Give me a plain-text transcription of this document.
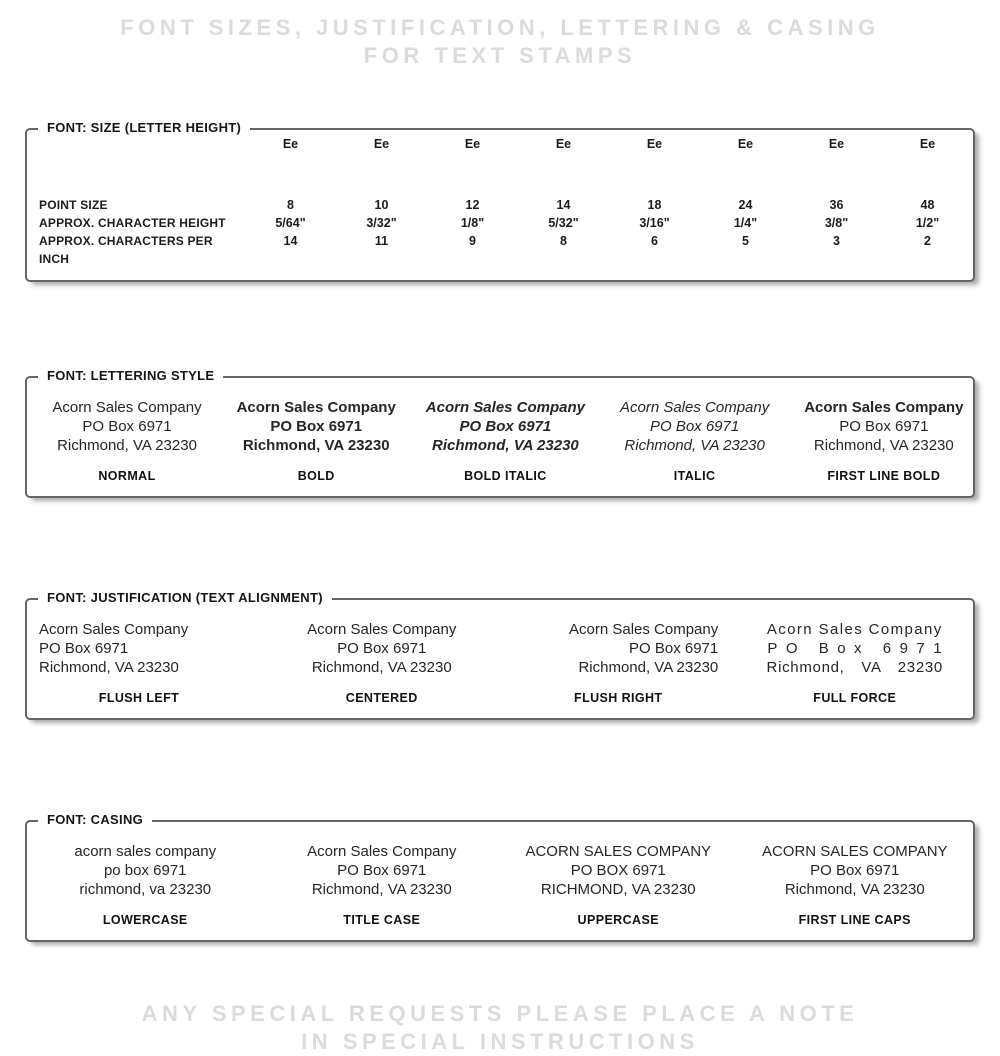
FONT SIZES, JUSTIFICATION, LETTERING & CASING
FOR TEXT STAMPS
FONT: SIZE (LETTER HEIGHT)
Ee	Ee	Ee	Ee	Ee	Ee	Ee	Ee
POINT SIZE	8	10	12	14	18	24	36	48
APPROX. CHARACTER HEIGHT	5/64"	3/32"	1/8"	5/32"	3/16"	1/4"	3/8"	1/2"
APPROX. CHARACTERS PER INCH
14	11	9	8	6	5	3	2
FONT: LETTERING STYLE
Acorn Sales Company
PO Box 6971
Richmond, VA 23230
NORMAL
Acorn Sales Company
PO Box 6971
Richmond, VA 23230
BOLD
Acorn Sales Company
PO Box 6971
Richmond, VA 23230
BOLD ITALIC
Acorn Sales Company
PO Box 6971
Richmond, VA 23230
ITALIC
Acorn Sales Company
PO Box 6971
Richmond, VA 23230
FIRST LINE BOLD
FONT: JUSTIFICATION (TEXT ALIGNMENT)
Acorn Sales Company
PO Box 6971
Richmond, VA 23230
FLUSH LEFT
Acorn Sales Company
PO Box 6971
Richmond, VA 23230
CENTERED
Acorn Sales Company
PO Box 6971
Richmond, VA 23230
FLUSH RIGHT
Acorn Sales Company
PO Box 6971
Richmond, VA 23230
FULL FORCE
FONT: CASING
acorn sales company
po box 6971
richmond, va 23230
LOWERCASE
Acorn Sales Company
PO Box 6971
Richmond, VA 23230
TITLE CASE
ACORN SALES COMPANY
PO BOX 6971
RICHMOND, VA 23230
UPPERCASE
ACORN SALES COMPANY
PO Box 6971
Richmond, VA 23230
FIRST LINE CAPS
ANY SPECIAL REQUESTS PLEASE PLACE A NOTE
IN SPECIAL INSTRUCTIONS
